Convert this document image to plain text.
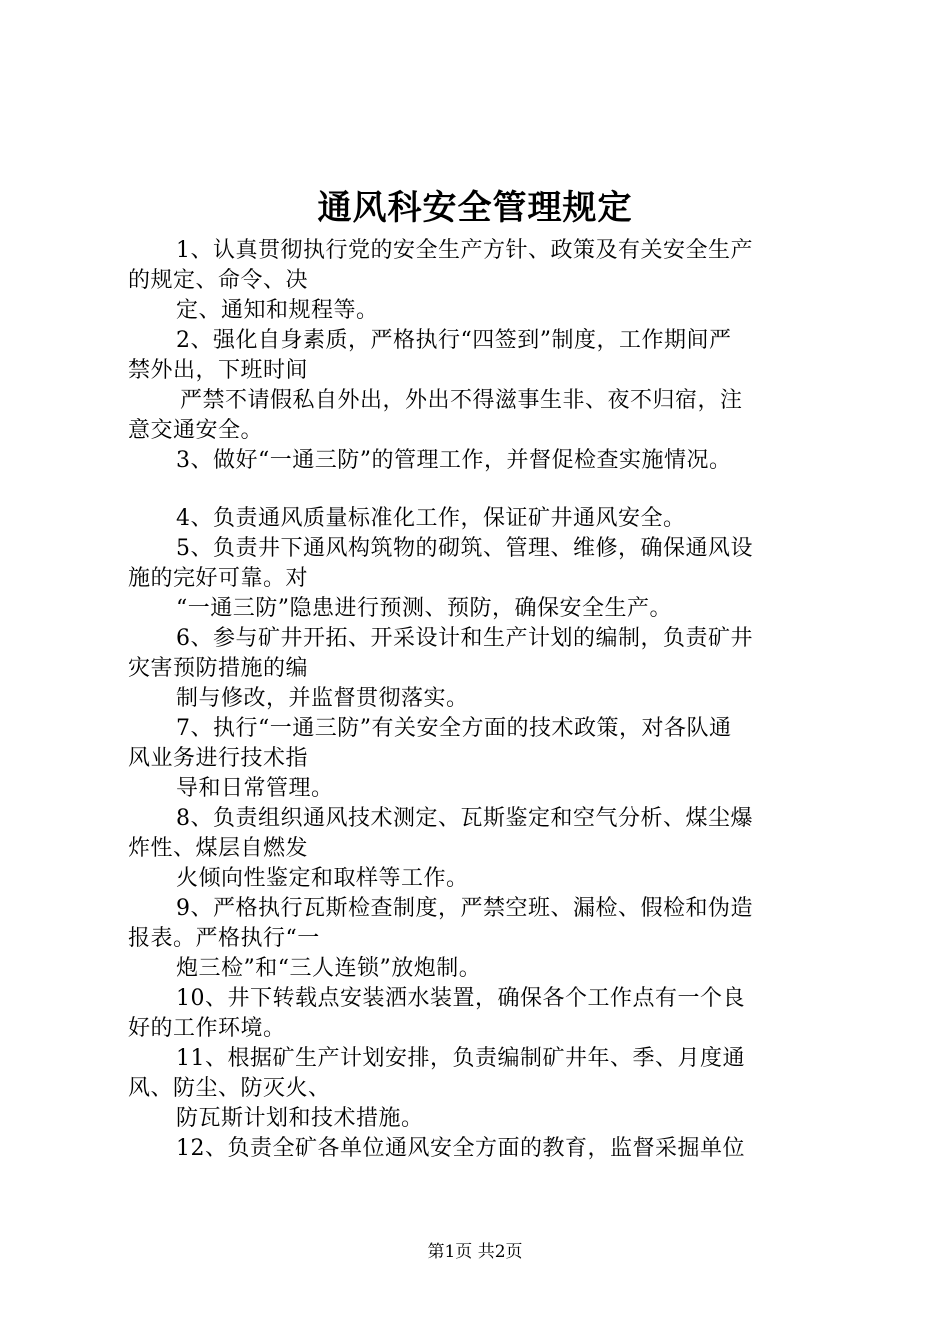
通风科安全管理规定
1、认真贯彻执行党的安全生产方针、政策及有关安全生产
的规定、命令、决
定、通知和规程等。
2、强化自身素质，严格执行“四签到”制度，工作期间严
禁外出，下班时间
严禁不请假私自外出，外出不得滋事生非、夜不归宿，注
意交通安全。
3、做好“一通三防”的管理工作，并督促检查实施情况。
4、负责通风质量标准化工作，保证矿井通风安全。
5、负责井下通风构筑物的砌筑、管理、维修，确保通风设
施的完好可靠。对
“一通三防”隐患进行预测、预防，确保安全生产。
6、参与矿井开拓、开采设计和生产计划的编制，负责矿井
灾害预防措施的编
制与修改，并监督贯彻落实。
7、执行“一通三防”有关安全方面的技术政策，对各队通
风业务进行技术指
导和日常管理。
8、负责组织通风技术测定、瓦斯鉴定和空气分析、煤尘爆
炸性、煤层自燃发
火倾向性鉴定和取样等工作。
9、严格执行瓦斯检查制度，严禁空班、漏检、假检和伪造
报表。严格执行“一
炮三检”和“三人连锁”放炮制。
10、井下转载点安装洒水装置，确保各个工作点有一个良
好的工作环境。
11、根据矿生产计划安排，负责编制矿井年、季、月度通
风、防尘、防灭火、
防瓦斯计划和技术措施。
12、负责全矿各单位通风安全方面的教育，监督采掘单位
第1页 共2页
